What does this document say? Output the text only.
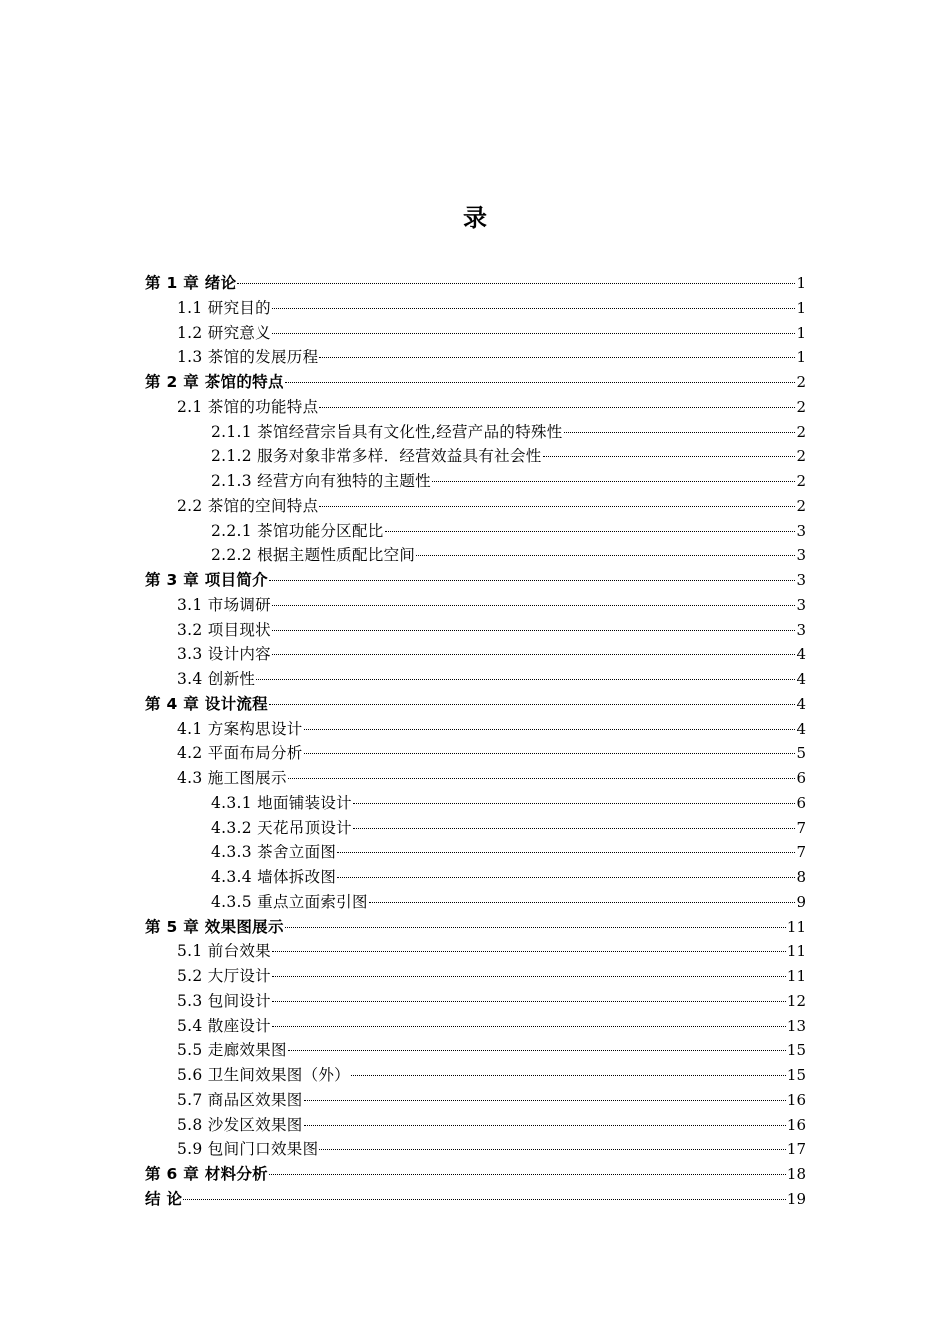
录
第 1 章 绪论	1
1.1 研究目的	1
1.2 研究意义	1
1.3 茶馆的发展历程	1
第 2 章 茶馆的特点	2
2.1 茶馆的功能特点	2
2.1.1 茶馆经营宗旨具有文化性,经营产品的特殊性	2
2.1.2 服务对象非常多样．经营效益具有社会性	2
2.1.3 经营方向有独特的主题性	2
2.2 茶馆的空间特点	2
2.2.1 茶馆功能分区配比	3
2.2.2 根据主题性质配比空间	3
第 3 章 项目简介	3
3.1 市场调研	3
3.2 项目现状	3
3.3 设计内容	4
3.4 创新性	4
第 4 章 设计流程	4
4.1 方案构思设计	4
4.2 平面布局分析	5
4.3 施工图展示	6
4.3.1 地面铺装设计	6
4.3.2 天花吊顶设计	7
4.3.3 茶舍立面图	7
4.3.4 墙体拆改图	8
4.3.5 重点立面索引图	9
第 5 章 效果图展示	11
5.1 前台效果	11
5.2 大厅设计	11
5.3 包间设计	12
5.4 散座设计	13
5.5 走廊效果图	15
5.6 卫生间效果图（外）	15
5.7 商品区效果图	16
5.8 沙发区效果图	16
5.9 包间门口效果图	17
第 6 章 材料分析	18
结 论	19
